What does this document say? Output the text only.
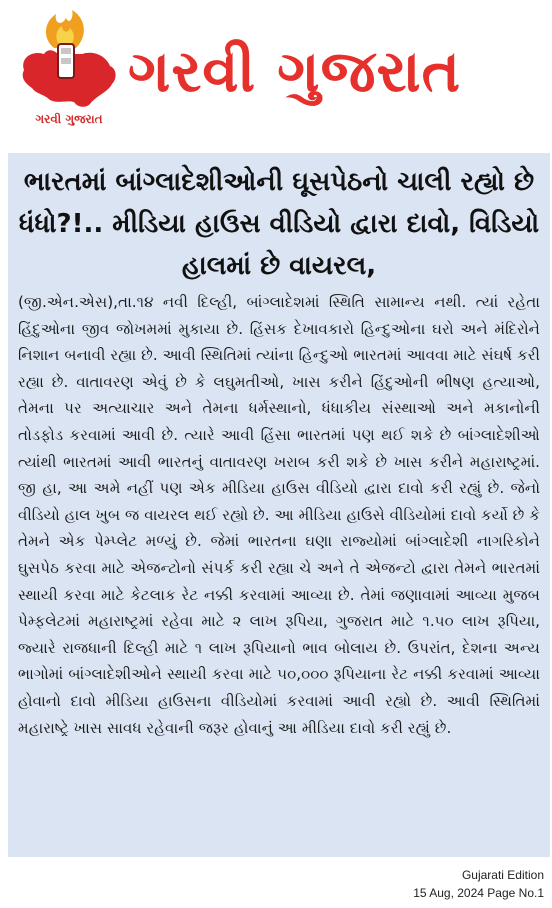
ગરવી ગુજરાત
ગરવી ગુજરાત
ભારતમાં બાંગ્લાદેશીઓની ઘૂસપેઠનો ચાલી રહ્યો છે ધંધો?!.. મીડિયા હાઉસ વીડિયો દ્વારા દાવો, વિડિયો હાલમાં છે વાયરલ,

(જી.એન.એસ),તા.૧૪ નવી દિલ્હી, બાંગ્લાદેશમાં સ્થિતિ સામાન્ય નથી. ત્યાં રહેતા હિંદુઓના જીવ જોખમમાં મુકાયા છે. હિંસક દેખાવકારો હિન્દુઓના ઘરો અને મંદિરોને નિશાન બનાવી રહ્યા છે. આવી સ્થિતિમાં ત્યાંના હિન્દુઓ ભારતમાં આવવા માટે સંઘર્ષ કરી રહ્યા છે. વાતાવરણ એવું છે કે લઘુમતીઓ, ખાસ કરીને હિંદુઓની ભીષણ હત્યાઓ, તેમના પર અત્યાચાર અને તેમના ધર્મસ્થાનો, ધંધાકીય સંસ્થાઓ અને મકાનોની તોડફોડ કરવામાં આવી છે. ત્યારે આવી હિંસા ભારતમાં પણ થઈ શકે છે બાંગ્લાદેશીઓ ત્યાંથી ભારતમાં આવી ભારતનું વાતાવરણ ખરાબ કરી શકે છે ખાસ કરીને મહારાષ્ટ્રમાં. જી હા, આ અમે નહીં પણ એક મીડિયા હાઉસ વીડિયો દ્વારા દાવો કરી રહ્યું છે. જેનો વીડિયો હાલ ખુબ જ વાયરલ થઈ રહ્યો છે. આ મીડિયા હાઉસે વીડિયોમાં દાવો કર્યો છે કે તેમને એક પેમ્પ્લેટ મળ્યું છે. જેમાં ભારતના ઘણા રાજ્યોમાં બાંગ્લાદેશી નાગરિકોને ઘુસપેઠ કરવા માટે એજન્ટોનો સંપર્ક કરી રહ્યા ચે અને તે એજન્ટો દ્વારા તેમને ભારતમાં સ્થાયી કરવા માટે કેટલાક રેટ નક્કી કરવામાં આવ્યા છે. તેમાં જણાવામાં આવ્યા મુજબ પેમ્ફલેટમાં મહારાષ્ટ્રમાં રહેવા માટે ૨ લાખ રૂપિયા, ગુજરાત માટે ૧.૫૦ લાખ રૂપિયા, જ્યારે રાજધાની દિલ્હી માટે ૧ લાખ રૂપિયાનો ભાવ બોલાય છે. ઉપરાંત, દેશના અન્ય ભાગોમાં બાંગ્લાદેશીઓને સ્થાયી કરવા માટે ૫૦,૦૦૦ રૂપિયાના રેટ નક્કી કરવામાં આવ્યા હોવાનો દાવો મીડિયા હાઉસના વીડિયોમાં કરવામાં આવી રહ્યો છે. આવી સ્થિતિમાં મહારાષ્ટ્રે ખાસ સાવધ રહેવાની જરૂર હોવાનું આ મીડિયા દાવો કરી રહ્યું છે.

Gujarati Edition
15 Aug, 2024 Page No.1
